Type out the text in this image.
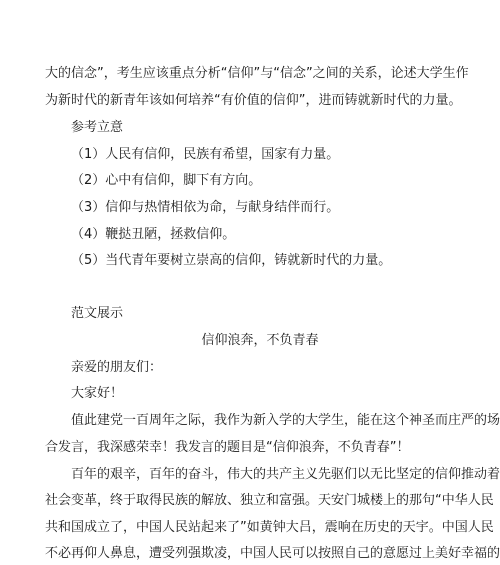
大的信念”，考生应该重点分析“信仰”与“信念”之间的关系，论述大学生作
为新时代的新青年该如何培养“有价值的信仰”，进而铸就新时代的力量。
参考立意
（1）人民有信仰，民族有希望，国家有力量。
（2）心中有信仰，脚下有方向。
（3）信仰与热情相依为命，与献身结伴而行。
（4）鞭挞丑陋，拯救信仰。
（5）当代青年要树立崇高的信仰，铸就新时代的力量。
范文展示
信仰浪奔，不负青春
亲爱的朋友们：
大家好！
值此建党一百周年之际，我作为新入学的大学生，能在这个神圣而庄严的场
合发言，我深感荣幸！我发言的题目是“信仰浪奔，不负青春”！
百年的艰辛，百年的奋斗，伟大的共产主义先驱们以无比坚定的信仰推动着
社会变革，终于取得民族的解放、独立和富强。天安门城楼上的那句“中华人民
共和国成立了，中国人民站起来了”如黄钟大吕，震响在历史的天宇。中国人民
不必再仰人鼻息，遭受列强欺凌，中国人民可以按照自己的意愿过上美好幸福的
